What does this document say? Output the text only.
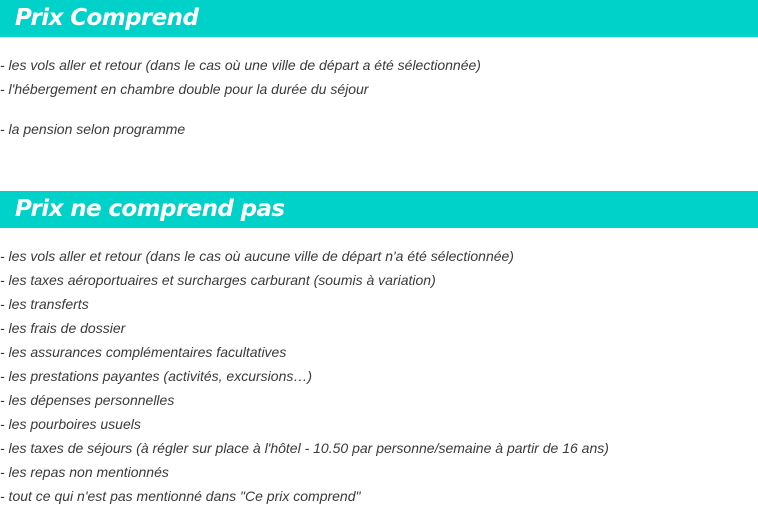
Prix Comprend
- les vols aller et retour (dans le cas où une ville de départ a été sélectionnée)
- l'hébergement en chambre double pour la durée du séjour
- la pension selon programme
Prix ne comprend pas
- les vols aller et retour (dans le cas où aucune ville de départ n'a été sélectionnée)
- les taxes aéroportuaires et surcharges carburant (soumis à variation)
- les transferts
- les frais de dossier
- les assurances complémentaires facultatives
- les prestations payantes (activités, excursions…)
- les dépenses personnelles
- les pourboires usuels
- les taxes de séjours (à régler sur place à l'hôtel - 10.50 par personne/semaine à partir de 16 ans)
- les repas non mentionnés
- tout ce qui n'est pas mentionné dans "Ce prix comprend"
